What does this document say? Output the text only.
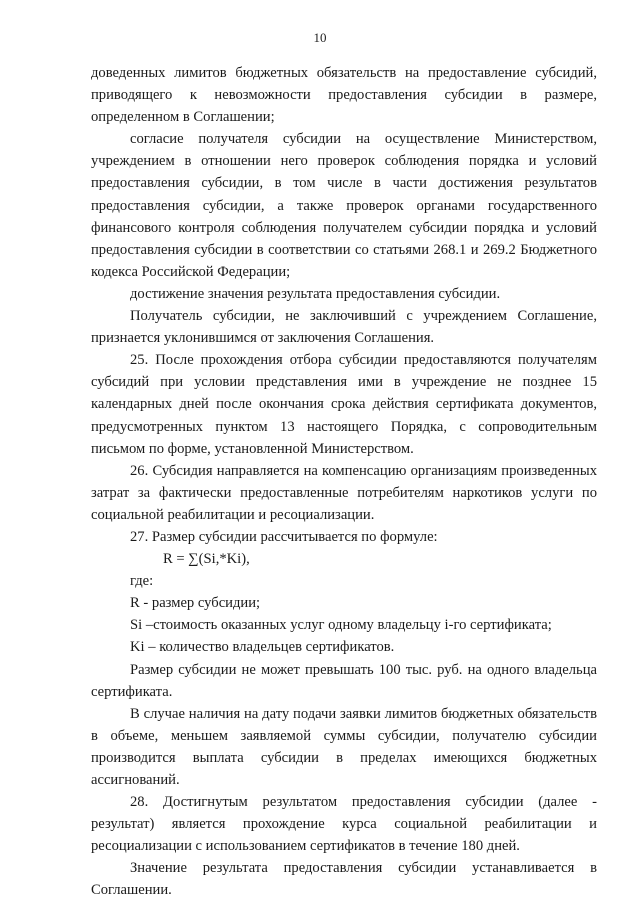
10

доведенных лимитов бюджетных обязательств на предоставление субсидий, приводящего к невозможности предоставления субсидии в размере, определенном в Соглашении;

согласие получателя субсидии на осуществление Министерством, учреждением в отношении него проверок соблюдения порядка и условий предоставления субсидии, в том числе в части достижения результатов предоставления субсидии, а также проверок органами государственного финансового контроля соблюдения получателем субсидии порядка и условий предоставления субсидии в соответствии со статьями 268.1 и 269.2 Бюджетного кодекса Российской Федерации;

достижение значения результата предоставления субсидии.

Получатель субсидии, не заключивший с учреждением Соглашение, признается уклонившимся от заключения Соглашения.

25. После прохождения отбора субсидии предоставляются получателям субсидий при условии представления ими в учреждение не позднее 15 календарных дней после окончания срока действия сертификата документов, предусмотренных пунктом 13 настоящего Порядка, с сопроводительным письмом по форме, установленной Министерством.

26. Субсидия направляется на компенсацию организациям произведенных затрат за фактически предоставленные потребителям наркотиков услуги по социальной реабилитации и ресоциализации.

27. Размер субсидии рассчитывается по формуле:

R = ∑(Si,*Ki),

где:

R - размер субсидии;

Si –стоимость оказанных услуг одному владельцу i-го сертификата;

Ki – количество владельцев сертификатов.

Размер субсидии не может превышать 100 тыс. руб. на одного владельца сертификата.

В случае наличия на дату подачи заявки лимитов бюджетных обязательств в объеме, меньшем заявляемой суммы субсидии, получателю субсидии производится выплата субсидии в пределах имеющихся бюджетных ассигнований.

28. Достигнутым результатом предоставления субсидии (далее - результат) является прохождение курса социальной реабилитации и ресоциализации с использованием сертификатов в течение 180 дней.

Значение результата предоставления субсидии устанавливается в Соглашении.
